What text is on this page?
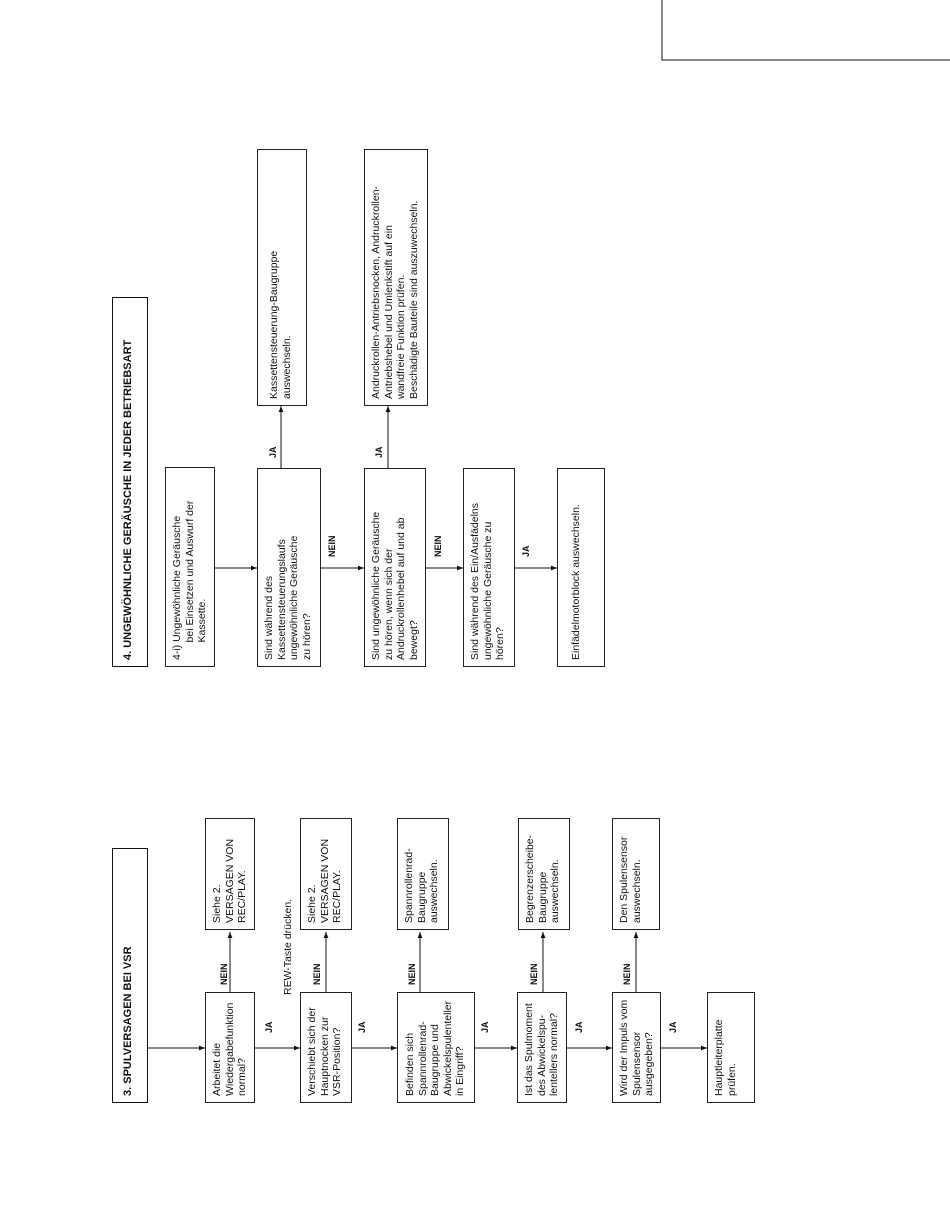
3. SPULVERSAGEN BEI VSR	Arbeitet die
Wiedergabefunktion
normal?
Siehe 2.
VERSAGEN VON
REC/PLAY.
NEIN
JA
REW-Taste drücken.
Verschiebt sich der
Hauptnocken zur
VSR-Position?
Siehe 2.
VERSAGEN VON
REC/PLAY.
NEIN
JA
Befinden sich
Spannrollenrad-
Baugruppe und
Abwickelspulenteller
in Eingriff?
Spannrollenrad-
Baugruppe
auswechseln.
NEIN
JA
Ist das Spulmoment
des Abwickelspu-
lentellers normal?
Begrenzerscheibe-
Baugruppe
auswechseln.
NEIN
JA
Wird der Impuls vom
Spulensensor
ausgegeben?
Den Spulensensor
auswechseln.
NEIN
JA	Hauptleiterplatte
prüfen.
4. UNGEWÖHNLICHE GERÄUSCHE IN JEDER BETRIEBSART	4-i) Ungewöhnliche Geräusche
bei Einsetzen und Auswurf der
Kassette.
Sind während des
Kassettensteuerungslaufs
ungewöhnliche Geräusche
zu hören?
Kassettensteuerung-Baugruppe
auswechseln.
JA
NEIN
Sind ungewöhnliche Geräusche
zu hören, wenn sich der
Andruckrollenhebel auf und ab
bewegt?
Andruckrollen-Antriebsnocken, Andruckrollen-
Antriebshebel und Umlenkstift auf ein
wandfreie Funktion prüfen.
Beschädigte Bauteile sind auszuwechseln.
JA
NEIN
Sind während des Ein/Ausfädelns
ungewöhnliche Geräusche zu
hören?	Einfädelmotorblock auswechseln.
JA
